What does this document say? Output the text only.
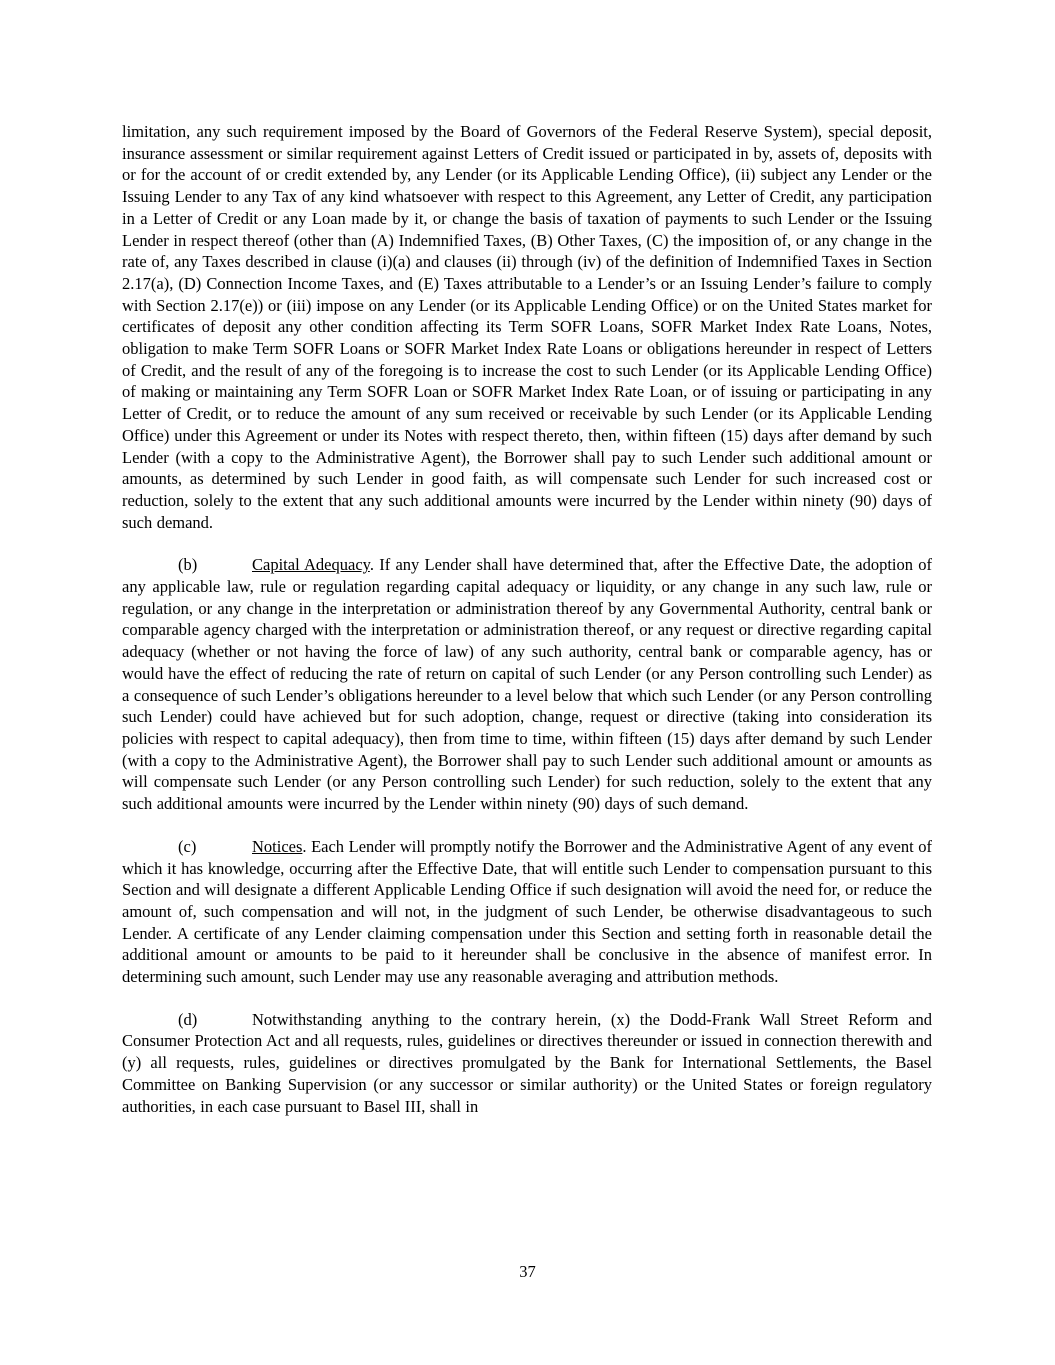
limitation, any such requirement imposed by the Board of Governors of the Federal Reserve System), special deposit, insurance assessment or similar requirement against Letters of Credit issued or participated in by, assets of, deposits with or for the account of or credit extended by, any Lender (or its Applicable Lending Office), (ii) subject any Lender or the Issuing Lender to any Tax of any kind whatsoever with respect to this Agreement, any Letter of Credit, any participation in a Letter of Credit or any Loan made by it, or change the basis of taxation of payments to such Lender or the Issuing Lender in respect thereof (other than (A) Indemnified Taxes, (B) Other Taxes, (C) the imposition of, or any change in the rate of, any Taxes described in clause (i)(a) and clauses (ii) through (iv) of the definition of Indemnified Taxes in Section 2.17(a), (D) Connection Income Taxes, and (E) Taxes attributable to a Lender’s or an Issuing Lender’s failure to comply with Section 2.17(e)) or (iii) impose on any Lender (or its Applicable Lending Office) or on the United States market for certificates of deposit any other condition affecting its Term SOFR Loans, SOFR Market Index Rate Loans, Notes, obligation to make Term SOFR Loans or SOFR Market Index Rate Loans or obligations hereunder in respect of Letters of Credit, and the result of any of the foregoing is to increase the cost to such Lender (or its Applicable Lending Office) of making or maintaining any Term SOFR Loan or SOFR Market Index Rate Loan, or of issuing or participating in any Letter of Credit, or to reduce the amount of any sum received or receivable by such Lender (or its Applicable Lending Office) under this Agreement or under its Notes with respect thereto, then, within fifteen (15) days after demand by such Lender (with a copy to the Administrative Agent), the Borrower shall pay to such Lender such additional amount or amounts, as determined by such Lender in good faith, as will compensate such Lender for such increased cost or reduction, solely to the extent that any such additional amounts were incurred by the Lender within ninety (90) days of such demand.

(b)	Capital Adequacy. If any Lender shall have determined that, after the Effective Date, the adoption of any applicable law, rule or regulation regarding capital adequacy or liquidity, or any change in any such law, rule or regulation, or any change in the interpretation or administration thereof by any Governmental Authority, central bank or comparable agency charged with the interpretation or administration thereof, or any request or directive regarding capital adequacy (whether or not having the force of law) of any such authority, central bank or comparable agency, has or would have the effect of reducing the rate of return on capital of such Lender (or any Person controlling such Lender) as a consequence of such Lender’s obligations hereunder to a level below that which such Lender (or any Person controlling such Lender) could have achieved but for such adoption, change, request or directive (taking into consideration its policies with respect to capital adequacy), then from time to time, within fifteen (15) days after demand by such Lender (with a copy to the Administrative Agent), the Borrower shall pay to such Lender such additional amount or amounts as will compensate such Lender (or any Person controlling such Lender) for such reduction, solely to the extent that any such additional amounts were incurred by the Lender within ninety (90) days of such demand.

(c)	Notices. Each Lender will promptly notify the Borrower and the Administrative Agent of any event of which it has knowledge, occurring after the Effective Date, that will entitle such Lender to compensation pursuant to this Section and will designate a different Applicable Lending Office if such designation will avoid the need for, or reduce the amount of, such compensation and will not, in the judgment of such Lender, be otherwise disadvantageous to such Lender. A certificate of any Lender claiming compensation under this Section and setting forth in reasonable detail the additional amount or amounts to be paid to it hereunder shall be conclusive in the absence of manifest error. In determining such amount, such Lender may use any reasonable averaging and attribution methods.

(d)	Notwithstanding anything to the contrary herein, (x) the Dodd-Frank Wall Street Reform and Consumer Protection Act and all requests, rules, guidelines or directives thereunder or issued in connection therewith and (y) all requests, rules, guidelines or directives promulgated by the Bank for International Settlements, the Basel Committee on Banking Supervision (or any successor or similar authority) or the United States or foreign regulatory authorities, in each case pursuant to Basel III, shall in

37
